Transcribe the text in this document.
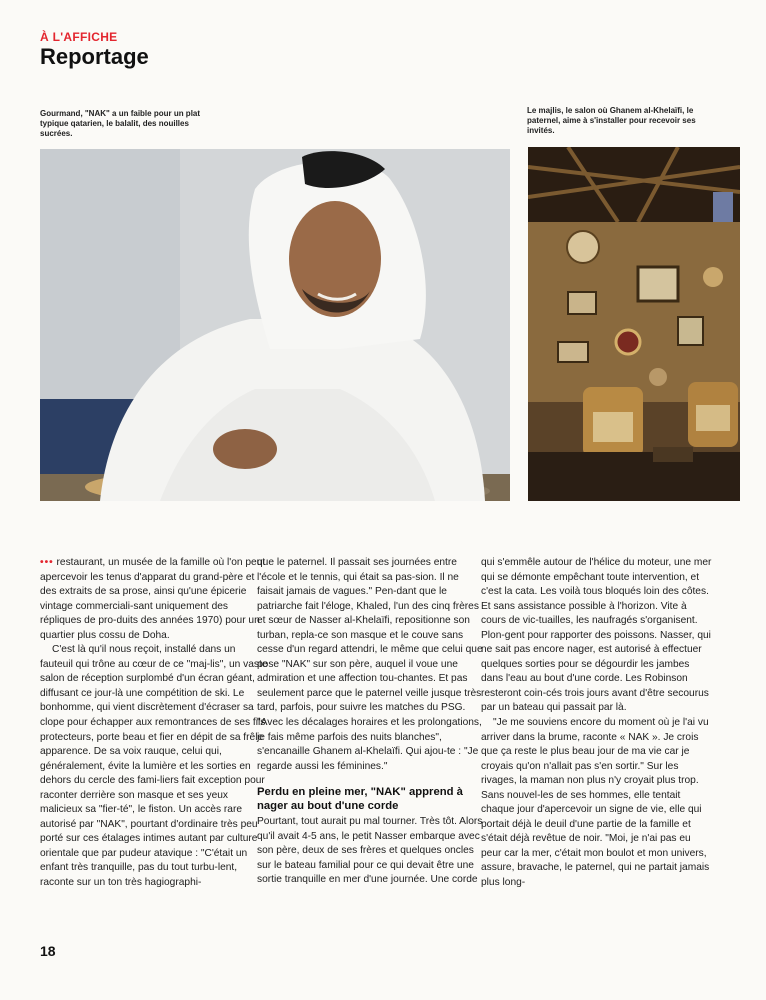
À L'AFFICHE
Reportage
Gourmand, "NAK" a un faible pour un plat typique qatarien, le balalit, des nouilles sucrées.
Le majlis, le salon où Ghanem al-Khelaïfi, le paternel, aime à s'installer pour recevoir ses invités.

••• restaurant, un musée de la famille où l'on peut apercevoir les tenus d'apparat du grand-père et des extraits de sa prose, ainsi qu'une épicerie vintage commerciali-sant uniquement des répliques de pro-duits des années 1970) pour un quartier plus cossu de Doha.

C'est là qu'il nous reçoit, installé dans un fauteuil qui trône au cœur de ce "maj-lis", un vaste salon de réception surplombé d'un écran géant, diffusant ce jour-là une compétition de ski. Le bonhomme, qui vient discrètement d'écraser sa clope pour échapper aux remontrances de ses fils protecteurs, porte beau et fier en dépit de sa frêle apparence. De sa voix rauque, celui qui, généralement, évite la lumière et les sorties en dehors du cercle des fami-liers fait exception pour raconter derrière son masque et ses yeux malicieux sa "fier-té", le fiston. Un accès rare autorisé par "NAK", pourtant d'ordinaire très peu porté sur ces étalages intimes autant par culture orientale que par pudeur atavique : "C'était un enfant très tranquille, pas du tout turbu-lent, raconte sur un ton très hagiographi-

que le paternel. Il passait ses journées entre l'école et le tennis, qui était sa pas-sion. Il ne faisait jamais de vagues." Pen-dant que le patriarche fait l'éloge, Khaled, l'un des cinq frères et sœur de Nasser al-Khelaïfi, repositionne son turban, repla-ce son masque et le couve sans cesse d'un regard attendri, le même que celui que pose "NAK" sur son père, auquel il voue une admiration et une affection tou-chantes. Et pas seulement parce que le paternel veille jusque très tard, parfois, pour suivre les matches du PSG. "Avec les décalages horaires et les prolongations, je fais même parfois des nuits blanches", s'encanaille Ghanem al-Khelaïfi. Qui ajou-te : "Je regarde aussi les féminines."

Perdu en pleine mer, "NAK" apprend à nager au bout d'une corde

Pourtant, tout aurait pu mal tourner. Très tôt. Alors qu'il avait 4-5 ans, le petit Nasser embarque avec son père, deux de ses frères et quelques oncles sur le bateau familial pour ce qui devait être une sortie tranquille en mer d'une journée. Une corde

qui s'emmêle autour de l'hélice du moteur, une mer qui se démonte empêchant toute intervention, et c'est la cata. Les voilà tous bloqués loin des côtes. Et sans assistance possible à l'horizon. Vite à cours de vic-tuailles, les naufragés s'organisent. Plon-gent pour rapporter des poissons. Nasser, qui ne sait pas encore nager, est autorisé à effectuer quelques sorties pour se dégourdir les jambes dans l'eau au bout d'une corde. Les Robinson resteront coin-cés trois jours avant d'être secourus par un bateau qui passait par là.

"Je me souviens encore du moment où je l'ai vu arriver dans la brume, raconte « NAK ». Je crois que ça reste le plus beau jour de ma vie car je croyais qu'on n'allait pas s'en sortir." Sur les rivages, la maman non plus n'y croyait plus trop. Sans nouvel-les de ses hommes, elle tentait chaque jour d'apercevoir un signe de vie, elle qui portait déjà le deuil d'une partie de la famille et s'était déjà revêtue de noir. "Moi, je n'ai pas eu peur car la mer, c'était mon boulot et mon univers, assure, bravache, le paternel, qui ne partait jamais plus long-

18
